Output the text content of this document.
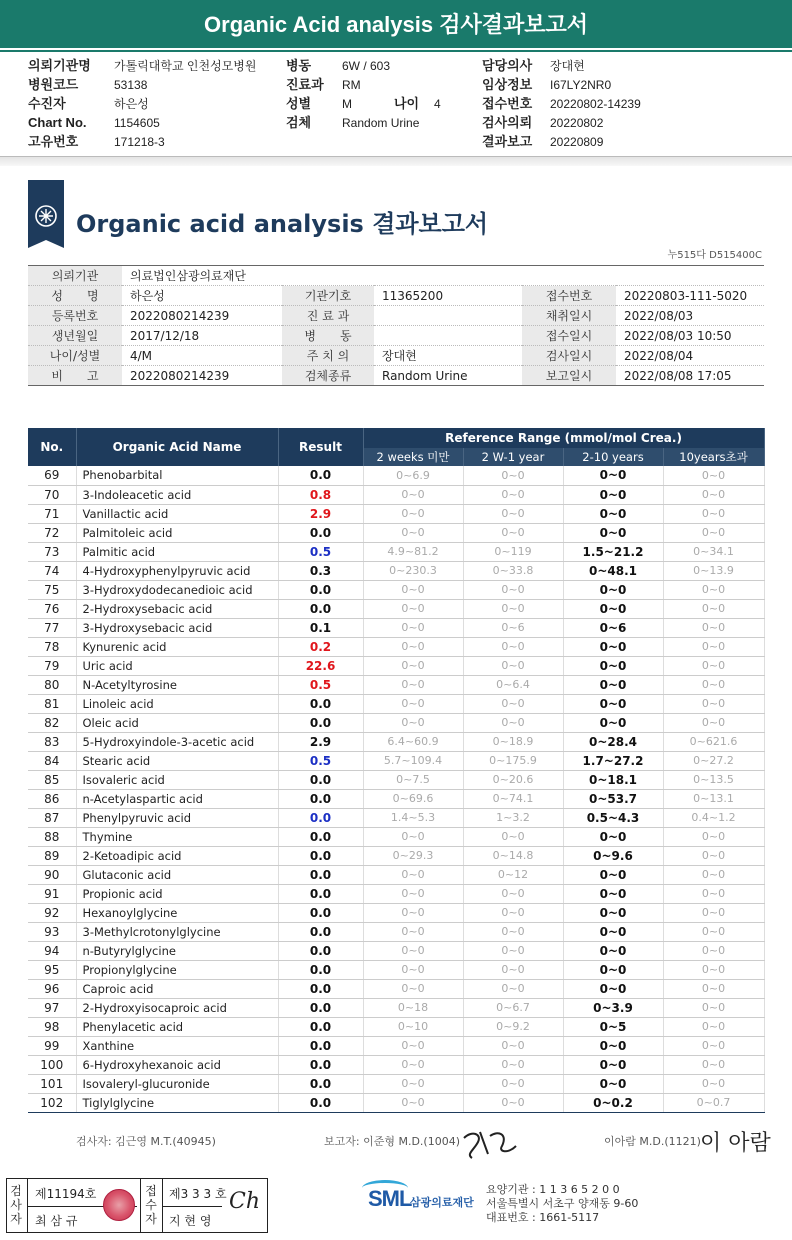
Organic Acid analysis 검사결과보고서
의뢰기관명 가톨릭대학교 인천성모병원
병원코드	53138
수진자	하은성
Chart No. 1154605
고유번호	171218-3
병동	6W / 603
진료과 RM
성별	M	나이 4
검체	Random Urine
담당의사 장대현
임상정보 I67LY2NR0
접수번호 20220802-14239
검사의뢰 20220802
결과보고 20220809
Organic acid analysis 결과보고서
누515다 D515400C
의뢰기관	의료법인삼광의료재단				
성　　명	하은성	기관기호	11365200	접수번호	20220803-111-5020
등록번호	2022080214239	진 료 과		채취일시	2022/08/03
생년월일	2017/12/18	병　　동		접수일시	2022/08/03 10:50
나이/성별	4/M	주 치 의	장대현	검사일시	2022/08/04
비　　고	2022080214239	검체종류	Random Urine	보고일시	2022/08/08 17:05
No.	Organic Acid Name	Result	Reference Range (mmol/mol Crea.)			
			2 weeks 미만	2 W-1 year	2-10 years	10years초과
69	Phenobarbital	0.0	0~6.9	0~0	0~0	0~0
70	3-Indoleacetic acid	0.8	0~0	0~0	0~0	0~0
71	Vanillactic acid	2.9	0~0	0~0	0~0	0~0
72	Palmitoleic acid	0.0	0~0	0~0	0~0	0~0
73	Palmitic acid	0.5	4.9~81.2	0~119	1.5~21.2	0~34.1
74	4-Hydroxyphenylpyruvic acid	0.3	0~230.3	0~33.8	0~48.1	0~13.9
75	3-Hydroxydodecanedioic acid	0.0	0~0	0~0	0~0	0~0
76	2-Hydroxysebacic acid	0.0	0~0	0~0	0~0	0~0
77	3-Hydroxysebacic acid	0.1	0~0	0~6	0~6	0~0
78	Kynurenic acid	0.2	0~0	0~0	0~0	0~0
79	Uric acid	22.6	0~0	0~0	0~0	0~0
80	N-Acetyltyrosine	0.5	0~0	0~6.4	0~0	0~0
81	Linoleic acid	0.0	0~0	0~0	0~0	0~0
82	Oleic acid	0.0	0~0	0~0	0~0	0~0
83	5-Hydroxyindole-3-acetic acid	2.9	6.4~60.9	0~18.9	0~28.4	0~621.6
84	Stearic acid	0.5	5.7~109.4	0~175.9	1.7~27.2	0~27.2
85	Isovaleric acid	0.0	0~7.5	0~20.6	0~18.1	0~13.5
86	n-Acetylaspartic acid	0.0	0~69.6	0~74.1	0~53.7	0~13.1
87	Phenylpyruvic acid	0.0	1.4~5.3	1~3.2	0.5~4.3	0.4~1.2
88	Thymine	0.0	0~0	0~0	0~0	0~0
89	2-Ketoadipic acid	0.0	0~29.3	0~14.8	0~9.6	0~0
90	Glutaconic acid	0.0	0~0	0~12	0~0	0~0
91	Propionic acid	0.0	0~0	0~0	0~0	0~0
92	Hexanoylglycine	0.0	0~0	0~0	0~0	0~0
93	3-Methylcrotonylglycine	0.0	0~0	0~0	0~0	0~0
94	n-Butyrylglycine	0.0	0~0	0~0	0~0	0~0
95	Propionylglycine	0.0	0~0	0~0	0~0	0~0
96	Caproic acid	0.0	0~0	0~0	0~0	0~0
97	2-Hydroxyisocaproic acid	0.0	0~18	0~6.7	0~3.9	0~0
98	Phenylacetic acid	0.0	0~10	0~9.2	0~5	0~0
99	Xanthine	0.0	0~0	0~0	0~0	0~0
100	6-Hydroxyhexanoic acid	0.0	0~0	0~0	0~0	0~0
101	Isovaleryl-glucuronide	0.0	0~0	0~0	0~0	0~0
102	Tiglylglycine	0.0	0~0	0~0	0~0.2	0~0.7
검사자: 김근영 M.T.(40945)	보고자: 이준형 M.D.(1004)	이아람 M.D.(1121) 이 아람
검사자
제11194호
최 삼 규
접수자
제3 3 3 호
지 현 영
Ch	SML
삼광의료재단
요양기관 : 1 1 3 6 5 2 0 0
서울특별시 서초구 양재동 9-60
대표번호 : 1661-5117
